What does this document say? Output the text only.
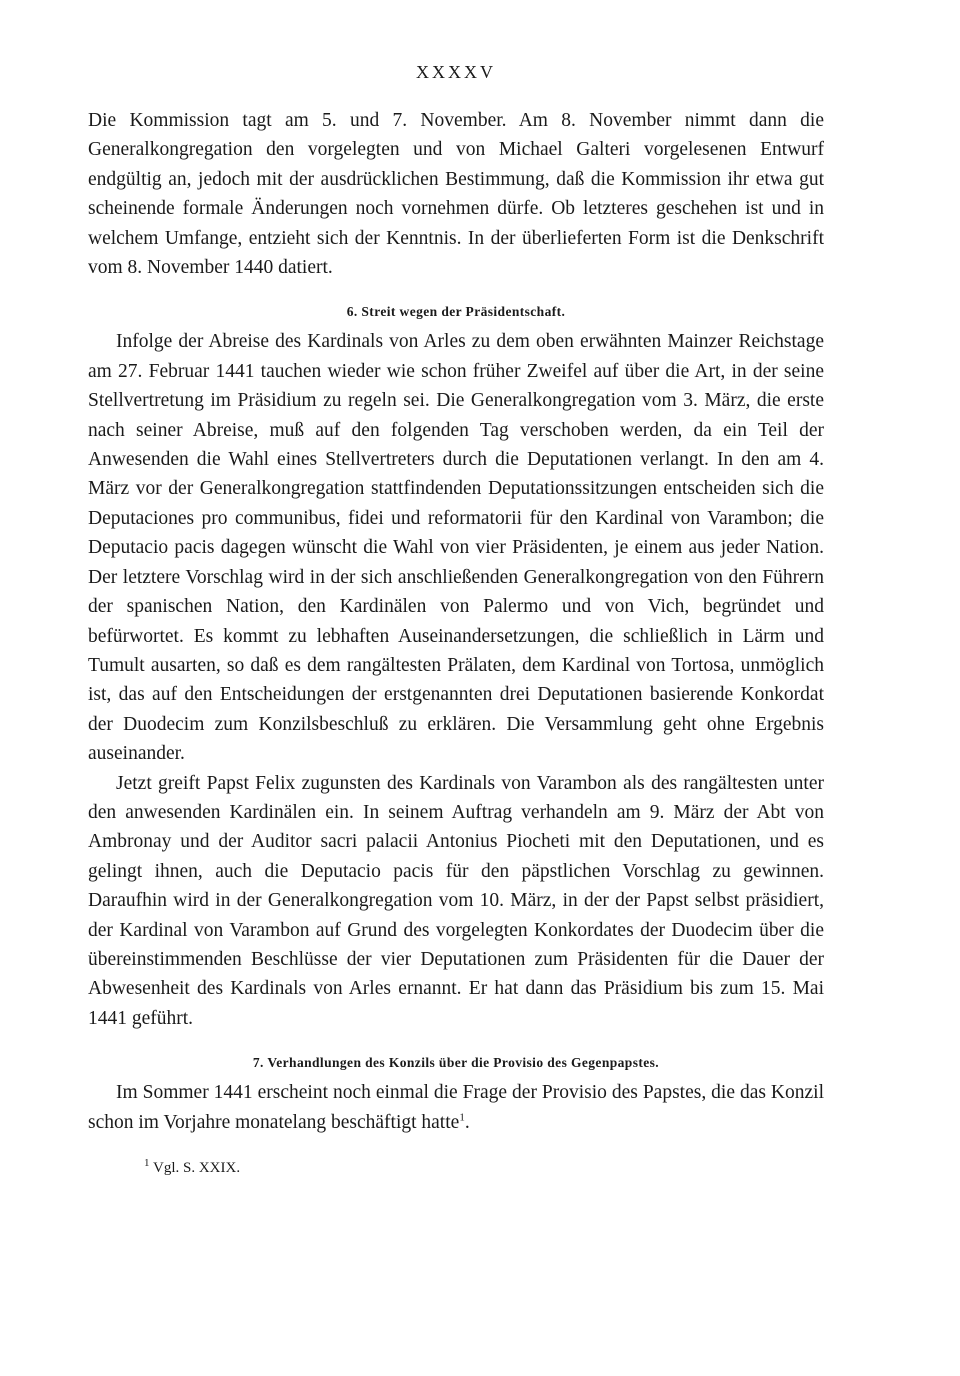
XXXXV

Die Kommission tagt am 5. und 7. November. Am 8. November nimmt dann die Generalkongregation den vorgelegten und von Michael Galteri vorgelesenen Entwurf endgültig an, jedoch mit der ausdrücklichen Bestimmung, daß die Kommission ihr etwa gut scheinende formale Änderungen noch vornehmen dürfe. Ob letzteres geschehen ist und in welchem Umfange, entzieht sich der Kenntnis. In der überlieferten Form ist die Denkschrift vom 8. November 1440 datiert.

6. Streit wegen der Präsidentschaft.

Infolge der Abreise des Kardinals von Arles zu dem oben erwähnten Mainzer Reichstage am 27. Februar 1441 tauchen wieder wie schon früher Zweifel auf über die Art, in der seine Stellvertretung im Präsidium zu regeln sei. Die Generalkongregation vom 3. März, die erste nach seiner Abreise, muß auf den folgenden Tag verschoben werden, da ein Teil der Anwesenden die Wahl eines Stellvertreters durch die Deputationen verlangt. In den am 4. März vor der Generalkongregation stattfindenden Deputationssitzungen entscheiden sich die Deputaciones pro communibus, fidei und reformatorii für den Kardinal von Varambon; die Deputacio pacis dagegen wünscht die Wahl von vier Präsidenten, je einem aus jeder Nation. Der letztere Vorschlag wird in der sich anschließenden Generalkongregation von den Führern der spanischen Nation, den Kardinälen von Palermo und von Vich, begründet und befürwortet. Es kommt zu lebhaften Auseinandersetzungen, die schließlich in Lärm und Tumult ausarten, so daß es dem rangältesten Prälaten, dem Kardinal von Tortosa, unmöglich ist, das auf den Entscheidungen der erstgenannten drei Deputationen basierende Konkordat der Duodecim zum Konzilsbeschluß zu erklären. Die Versammlung geht ohne Ergebnis auseinander.

Jetzt greift Papst Felix zugunsten des Kardinals von Varambon als des rangältesten unter den anwesenden Kardinälen ein. In seinem Auftrag verhandeln am 9. März der Abt von Ambronay und der Auditor sacri palacii Antonius Piocheti mit den Deputationen, und es gelingt ihnen, auch die Deputacio pacis für den päpstlichen Vorschlag zu gewinnen. Daraufhin wird in der Generalkongregation vom 10. März, in der der Papst selbst präsidiert, der Kardinal von Varambon auf Grund des vorgelegten Konkordates der Duodecim über die übereinstimmenden Beschlüsse der vier Deputationen zum Präsidenten für die Dauer der Abwesenheit des Kardinals von Arles ernannt. Er hat dann das Präsidium bis zum 15. Mai 1441 geführt.

7. Verhandlungen des Konzils über die Provisio des Gegenpapstes.

Im Sommer 1441 erscheint noch einmal die Frage der Provisio des Papstes, die das Konzil schon im Vorjahre monatelang beschäftigt hatte$^1$.

$^1$ Vgl. S. XXIX.
